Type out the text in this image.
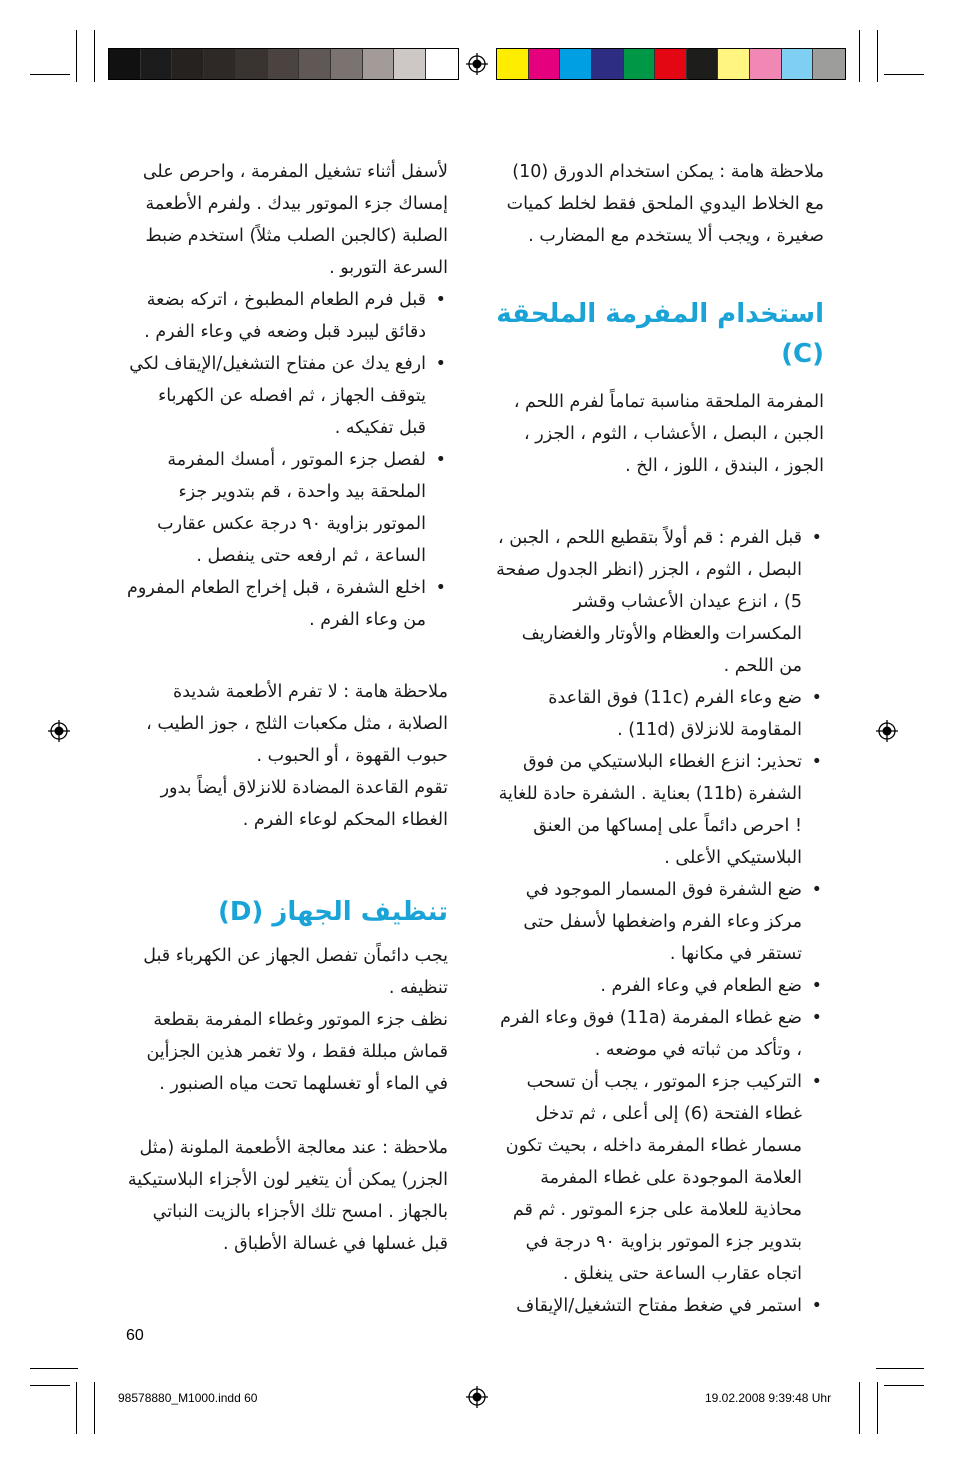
ملاحظة هامة : يمكن استخدام الدورق (10) مع الخلاط اليدوي الملحق فقط لخلط كميات صغيرة ، ويجب ألا يستخدم مع المضارب .

استخدام المفرمة الملحقة (C)

المفرمة الملحقة مناسبة تماماً لفرم اللحم ، الجبن ، البصل ، الأعشاب ، الثوم ، الجزر ، الجوز ، البندق ، اللوز ، الخ .

• قبل الفرم : قم أولاً بتقطيع اللحم ، الجبن ، البصل ، الثوم ، الجزر (انظر الجدول صفحة 5) ، انزع عيدان الأعشاب وقشر المكسرات والعظام والأوتار والغضاريف من اللحم .
• ضع وعاء الفرم (11c) فوق القاعدة المقاومة للانزلاق (11d) .
• تحذير: انزع الغطاء البلاستيكي من فوق الشفرة (11b) بعناية . الشفرة حادة للغاية ! احرص دائماً على إمساكها من العنق البلاستيكي الأعلى .
• ضع الشفرة فوق المسمار الموجود في مركز وعاء الفرم واضغطها لأسفل حتى تستقر في مكانها .
• ضع الطعام في وعاء الفرم .
• ضع غطاء المفرمة (11a) فوق وعاء الفرم ، وتأكد من ثباته في موضعه .
• التركيب جزء الموتور ، يجب أن تسحب غطاء الفتحة (6) إلى أعلى ، ثم تدخل مسمار غطاء المفرمة داخله ، بحيث تكون العلامة الموجودة على غطاء المفرمة محاذية للعلامة على جزء الموتور . ثم قم بتدوير جزء الموتور بزاوية ٩٠ درجة في اتجاه عقارب الساعة حتى ينغلق .
• استمر في ضغط مفتاح التشغيل/الإيقاف

لأسفل أثناء تشغيل المفرمة ، واحرص على إمساك جزء الموتور بيدك . ولفرم الأطعمة الصلبة (كالجبن الصلب مثلاً) استخدم ضبط السرعة التوربو .

• قبل فرم الطعام المطبوخ ، اتركه بضعة دقائق ليبرد قبل وضعه في وعاء الفرم .
• ارفع يدك عن مفتاح التشغيل/الإيقاف لكي يتوقف الجهاز ، ثم افصله عن الكهرباء قبل تفكيكه .
• لفصل جزء الموتور ، أمسك المفرمة الملحقة بيد واحدة ، قم بتدوير جزء الموتور بزاوية ٩٠ درجة عكس عقارب الساعة ، ثم ارفعه حتى ينفصل .
• اخلع الشفرة ، قبل إخراج الطعام المفروم من وعاء الفرم .

ملاحظة هامة : لا تفرم الأطعمة شديدة الصلابة ، مثل مكعبات الثلج ، جوز الطيب ، حبوب القهوة ، أو الحبوب .

تقوم القاعدة المضادة للانزلاق أيضاً بدور الغطاء المحكم لوعاء الفرم .

تنظيف الجهاز (D)

يجب دائماًن تفصل الجهاز عن الكهرباء قبل تنظيفه .

نظف جزء الموتور وغطاء المفرمة بقطعة قماش مبللة فقط ، ولا تغمر هذين الجزأين في الماء أو تغسلهما تحت مياه الصنبور .

ملاحظة : عند معالجة الأطعمة الملونة (مثل الجزر) يمكن أن يتغير لون الأجزاء البلاستيكية بالجهاز . امسح تلك الأجزاء بالزيت النباتي قبل غسلها في غسالة الأطباق .

60
98578880_M1000.indd 60	19.02.2008 9:39:48 Uhr
